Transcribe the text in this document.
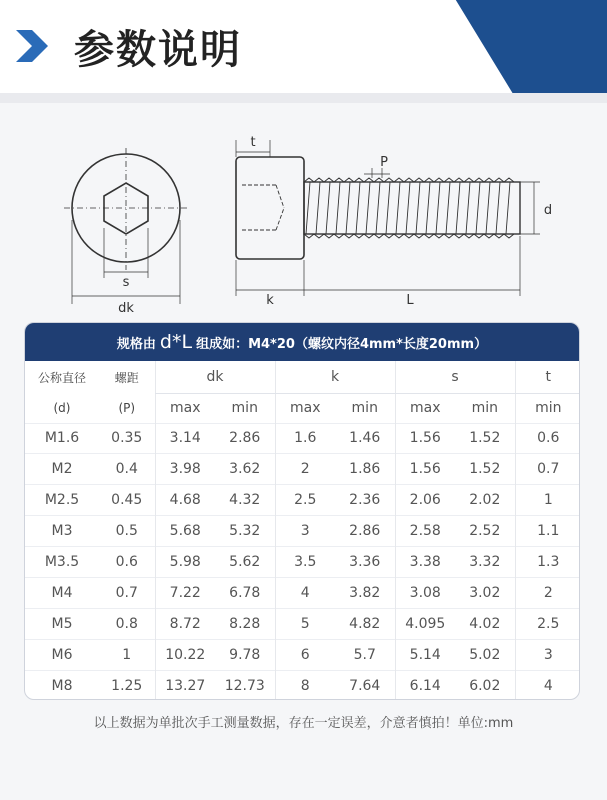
参数说明
s
dk
t
P
d
k	L
规格由 d*L 组成如：M4*20（螺纹内径4mm*长度20mm）
公称直径	螺距	dk		k		s		t
(d)	(P)	max	min	max	min	max	min	min
M1.6	0.35	3.14	2.86	1.6	1.46	1.56	1.52	0.6
M2	0.4	3.98	3.62	2	1.86	1.56	1.52	0.7
M2.5	0.45	4.68	4.32	2.5	2.36	2.06	2.02	1
M3	0.5	5.68	5.32	3	2.86	2.58	2.52	1.1
M3.5	0.6	5.98	5.62	3.5	3.36	3.38	3.32	1.3
M4	0.7	7.22	6.78	4	3.82	3.08	3.02	2
M5	0.8	8.72	8.28	5	4.82	4.095	4.02	2.5
M6	1	10.22	9.78	6	5.7	5.14	5.02	3
M8	1.25	13.27	12.73	8	7.64	6.14	6.02	4
以上数据为单批次手工测量数据，存在一定误差，介意者慎拍！单位:mm
